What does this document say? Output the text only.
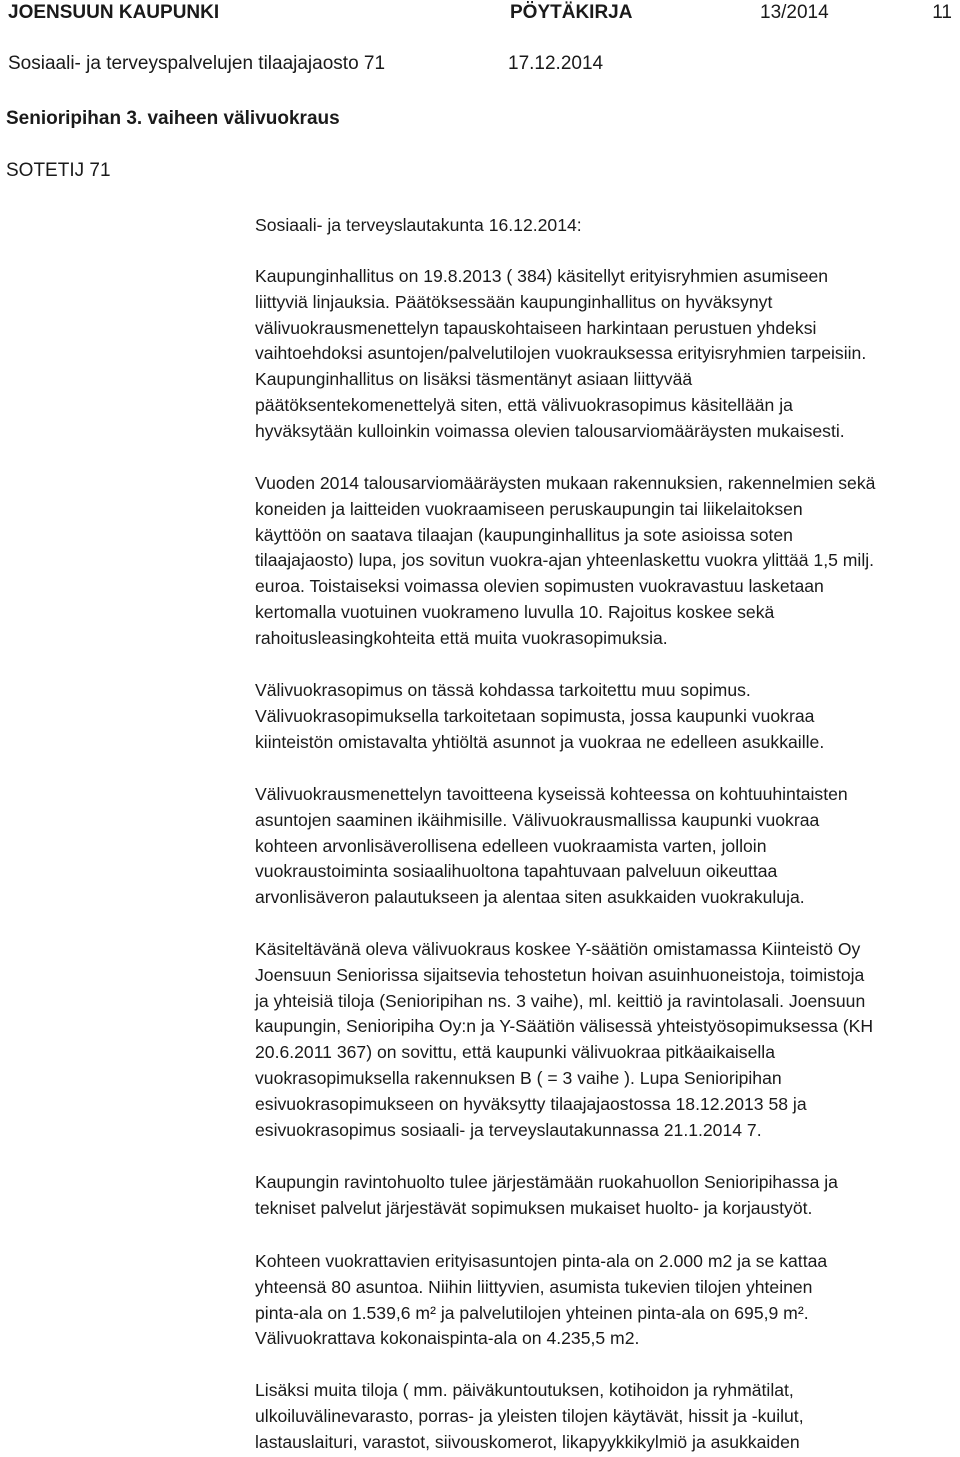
JOENSUUN KAUPUNKI	PÖYTÄKIRJA	13/2014	11
Sosiaali- ja terveyspalvelujen tilaajajaosto 71	17.12.2014
Senioripihan 3. vaiheen välivuokraus
SOTETIJ 71

Sosiaali- ja terveyslautakunta 16.12.2014:

Kaupunginhallitus on 19.8.2013 ( 384) käsitellyt erityisryhmien asumiseen

liittyviä linjauksia. Päätöksessään kaupunginhallitus on hyväksynyt

välivuokrausmenettelyn tapauskohtaiseen harkintaan perustuen yhdeksi

vaihtoehdoksi asuntojen/palvelutilojen vuokrauksessa erityisryhmien tarpeisiin.

Kaupunginhallitus on lisäksi täsmentänyt asiaan liittyvää

päätöksentekomenettelyä siten, että välivuokrasopimus käsitellään ja

hyväksytään kulloinkin voimassa olevien talousarviomääräysten mukaisesti.

Vuoden 2014 talousarviomääräysten mukaan rakennuksien, rakennelmien sekä

koneiden ja laitteiden vuokraamiseen peruskaupungin tai liikelaitoksen

käyttöön on saatava tilaajan (kaupunginhallitus ja sote asioissa soten

tilaajajaosto) lupa, jos sovitun vuokra-ajan yhteenlaskettu vuokra ylittää 1,5 milj.

euroa. Toistaiseksi voimassa olevien sopimusten vuokravastuu lasketaan

kertomalla vuotuinen vuokrameno luvulla 10. Rajoitus koskee sekä

rahoitusleasingkohteita että muita vuokrasopimuksia.

Välivuokrasopimus on tässä kohdassa tarkoitettu muu sopimus.

Välivuokrasopimuksella tarkoitetaan sopimusta, jossa kaupunki vuokraa

kiinteistön omistavalta yhtiöltä asunnot ja vuokraa ne edelleen asukkaille.

Välivuokrausmenettelyn tavoitteena kyseissä kohteessa on kohtuuhintaisten

asuntojen saaminen ikäihmisille. Välivuokrausmallissa kaupunki vuokraa

kohteen arvonlisäverollisena edelleen vuokraamista varten, jolloin

vuokraustoiminta sosiaalihuoltona tapahtuvaan palveluun oikeuttaa

arvonlisäveron palautukseen ja alentaa siten asukkaiden vuokrakuluja.

Käsiteltävänä oleva välivuokraus koskee Y-säätiön omistamassa Kiinteistö Oy

Joensuun Seniorissa sijaitsevia tehostetun hoivan asuinhuoneistoja, toimistoja

ja yhteisiä tiloja (Senioripihan ns. 3 vaihe), ml. keittiö ja ravintolasali. Joensuun

kaupungin, Senioripiha Oy:n ja Y-Säätiön välisessä yhteistyösopimuksessa (KH

20.6.2011 367) on sovittu, että kaupunki välivuokraa pitkäaikaisella

vuokrasopimuksella rakennuksen B ( = 3 vaihe ). Lupa Senioripihan

esivuokrasopimukseen on hyväksytty tilaajajaostossa 18.12.2013 58 ja

esivuokrasopimus sosiaali- ja terveyslautakunnassa 21.1.2014 7.

Kaupungin ravintohuolto tulee järjestämään ruokahuollon Senioripihassa ja

tekniset palvelut järjestävät sopimuksen mukaiset huolto- ja korjaustyöt.

Kohteen vuokrattavien erityisasuntojen pinta-ala on 2.000 m2 ja se kattaa

yhteensä 80 asuntoa. Niihin liittyvien, asumista tukevien tilojen yhteinen

pinta-ala on 1.539,6 m² ja palvelutilojen yhteinen pinta-ala on 695,9 m².

Välivuokrattava kokonaispinta-ala on 4.235,5 m2.

Lisäksi muita tiloja ( mm. päiväkuntoutuksen, kotihoidon ja ryhmätilat,

ulkoiluvälinevarasto, porras- ja yleisten tilojen käytävät, hissit ja -kuilut,

lastauslaituri, varastot, siivouskomerot, likapyykkikylmiö ja asukkaiden
